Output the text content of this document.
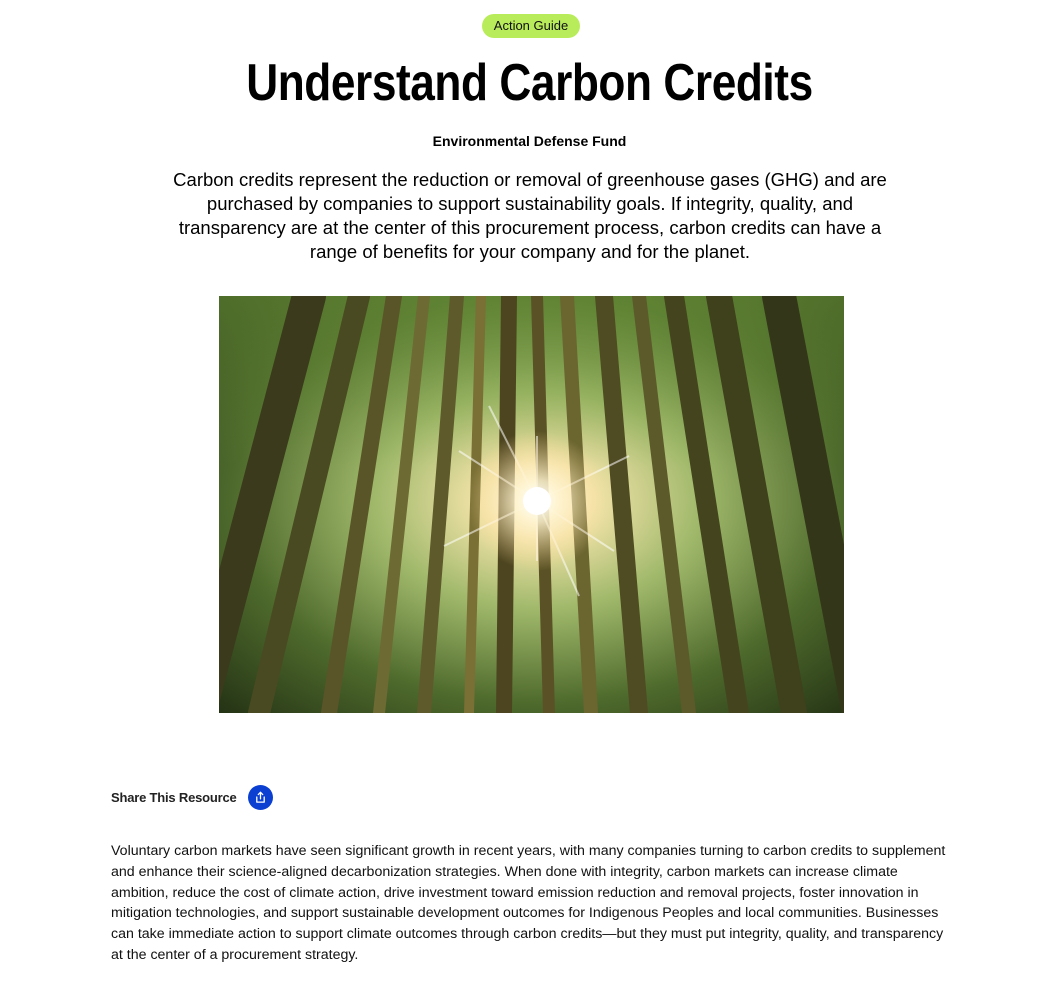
Action Guide
Understand Carbon Credits
Environmental Defense Fund

Carbon credits represent the reduction or removal of greenhouse gases (GHG) and are purchased by companies to support sustainability goals. If integrity, quality, and transparency are at the center of this procurement process, carbon credits can have a range of benefits for your company and for the planet.

Share This Resource

Voluntary carbon markets have seen significant growth in recent years, with many companies turning to carbon credits to supplement and enhance their science-aligned decarbonization strategies. When done with integrity, carbon markets can increase climate ambition, reduce the cost of climate action, drive investment toward emission reduction and removal projects, foster innovation in mitigation technologies, and support sustainable development outcomes for Indigenous Peoples and local communities. Businesses can take immediate action to support climate outcomes through carbon credits—but they must put integrity, quality, and transparency at the center of a procurement strategy.
